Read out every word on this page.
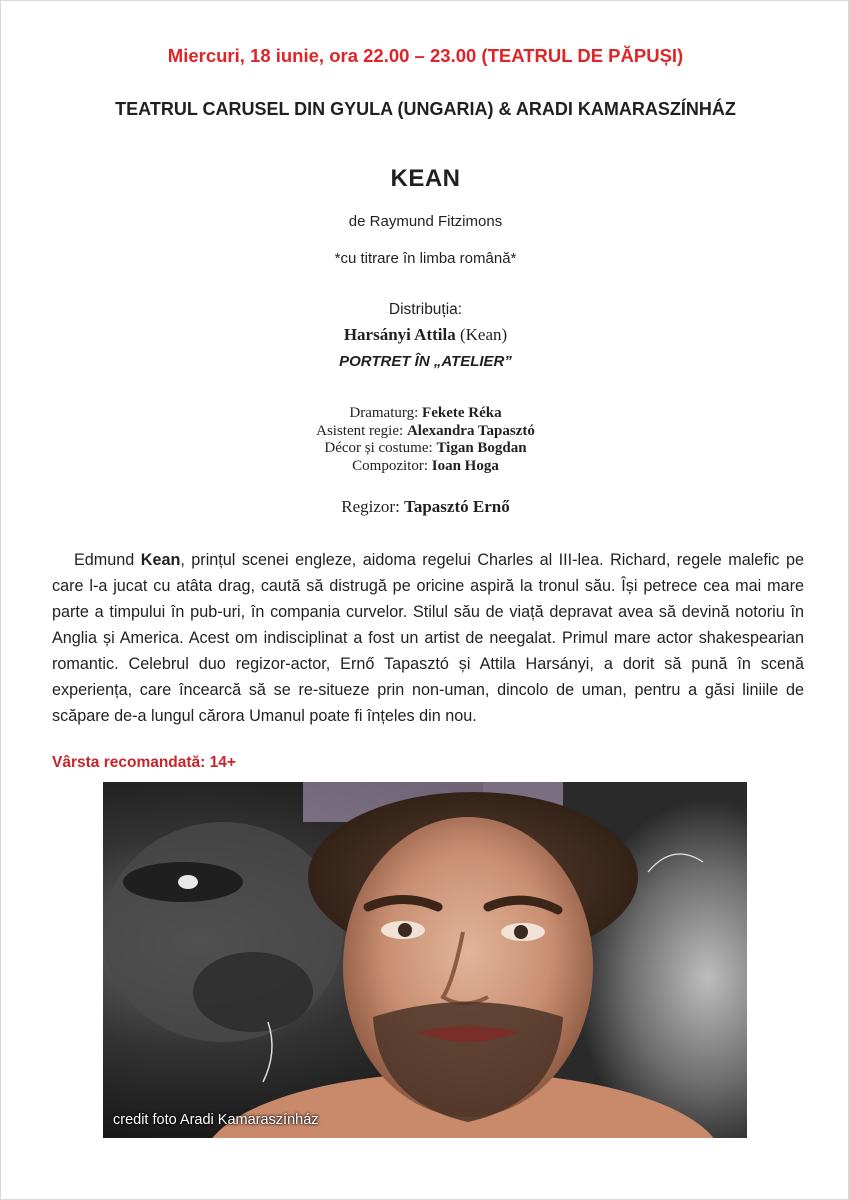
Miercuri, 18 iunie, ora 22.00 – 23.00 (TEATRUL DE PĂPUȘI)
TEATRUL CARUSEL DIN GYULA (UNGARIA) & ARADI KAMARASZÍNHÁZ
KEAN
de Raymund Fitzimons
*cu titrare în limba română*
Distribuția:
Harsányi Attila (Kean)
PORTRET ÎN „ATELIER”
Dramaturg: Fekete Réka
Asistent regie: Alexandra Tapasztó
Décor și costume: Tigan Bogdan
Compozitor: Ioan Hoga
Regizor: Tapasztó Ernő

Edmund Kean, prințul scenei engleze, aidoma regelui Charles al III-lea. Richard, regele malefic pe care l-a jucat cu atâta drag, caută să distrugă pe oricine aspiră la tronul său. Își petrece cea mai mare parte a timpului în pub-uri, în compania curvelor. Stilul său de viață depravat avea să devină notoriu în Anglia și America. Acest om indisciplinat a fost un artist de neegalat. Primul mare actor shakespearian romantic. Celebrul duo regizor-actor, Ernő Tapasztó și Attila Harsányi, a dorit să pună în scenă experiența, care încearcă să se re-situeze prin non-uman, dincolo de uman, pentru a găsi liniile de scăpare de-a lungul cărora Umanul poate fi înțeles din nou.

Vârsta recomandată: 14+
credit foto Aradi Kamaraszínház
